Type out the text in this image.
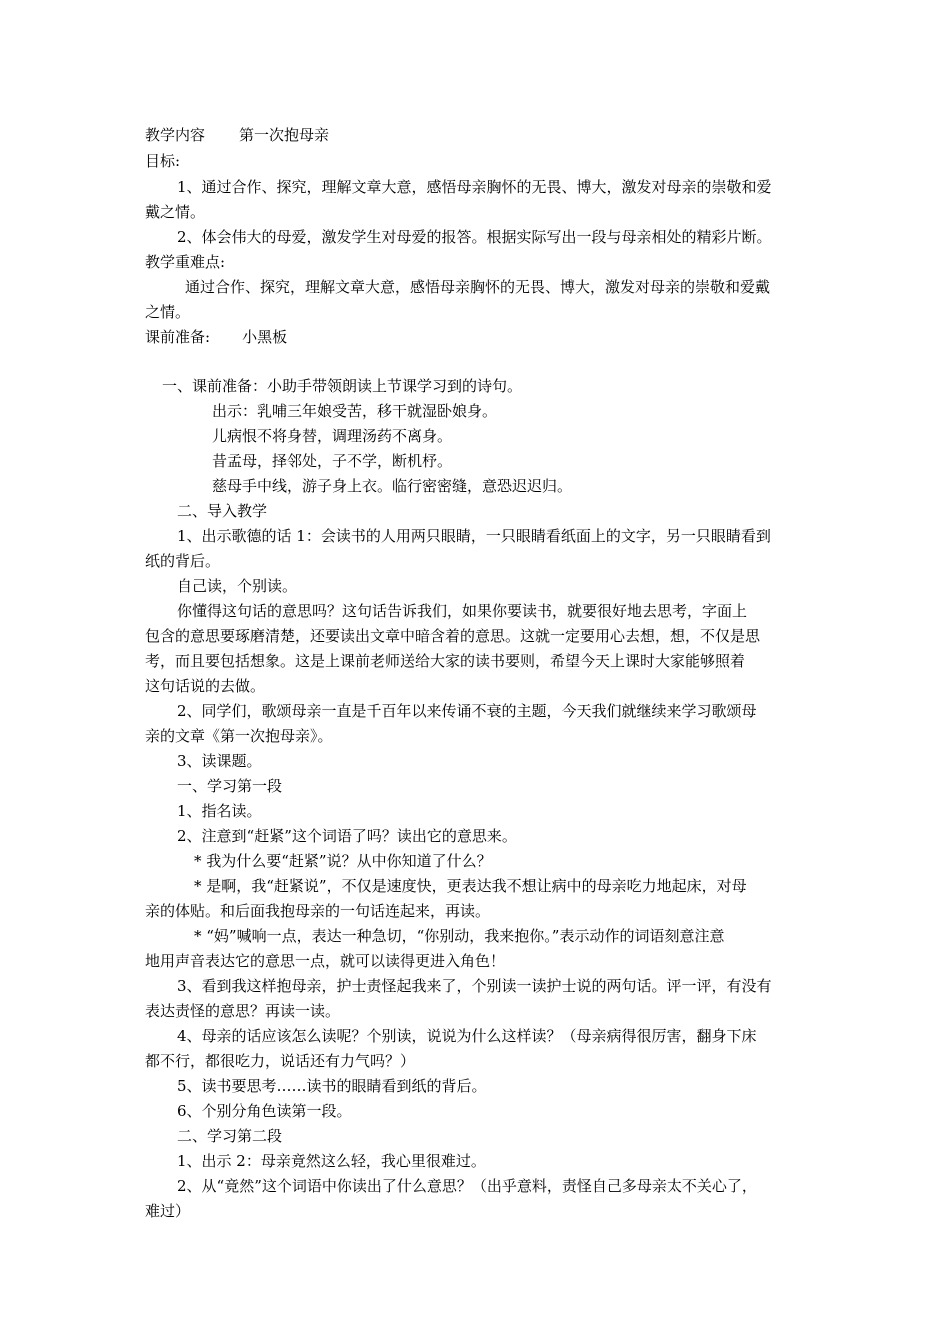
教学内容 第一次抱母亲
目标:
1、通过合作、探究，理解文章大意，感悟母亲胸怀的无畏、博大，激发对母亲的崇敬和爱
戴之情。
2、体会伟大的母爱，激发学生对母爱的报答。根据实际写出一段与母亲相处的精彩片断。
教学重难点:
通过合作、探究，理解文章大意，感悟母亲胸怀的无畏、博大，激发对母亲的崇敬和爱戴
之情。
课前准备: 小黑板
一、课前准备：小助手带领朗读上节课学习到的诗句。
出示：乳哺三年娘受苦，移干就湿卧娘身。
儿病恨不将身替，调理汤药不离身。
昔孟母，择邻处，子不学，断机杼。
慈母手中线，游子身上衣。临行密密缝，意恐迟迟归。
二、导入教学
1、出示歌德的话 1：会读书的人用两只眼睛，一只眼睛看纸面上的文字，另一只眼睛看到
纸的背后。
自己读，个别读。
你懂得这句话的意思吗？这句话告诉我们，如果你要读书，就要很好地去思考，字面上
包含的意思要琢磨清楚，还要读出文章中暗含着的意思。这就一定要用心去想，想，不仅是思
考，而且要包括想象。这是上课前老师送给大家的读书要则，希望今天上课时大家能够照着
这句话说的去做。
2、同学们，歌颂母亲一直是千百年以来传诵不衰的主题，今天我们就继续来学习歌颂母
亲的文章《第一次抱母亲》。
3、读课题。
一、学习第一段
1、指名读。
2、注意到“赶紧”这个词语了吗？读出它的意思来。
* 我为什么要“赶紧”说？从中你知道了什么？
* 是啊，我“赶紧说”，不仅是速度快，更表达我不想让病中的母亲吃力地起床，对母
亲的体贴。和后面我抱母亲的一句话连起来，再读。
* “妈”喊响一点，表达一种急切，“你别动，我来抱你。”表示动作的词语刻意注意
地用声音表达它的意思一点，就可以读得更进入角色！
3、看到我这样抱母亲，护士责怪起我来了，个别读一读护士说的两句话。评一评，有没有
表达责怪的意思？再读一读。
4、母亲的话应该怎么读呢？个别读，说说为什么这样读？（母亲病得很厉害，翻身下床
都不行，都很吃力，说话还有力气吗？）
5、读书要思考……读书的眼睛看到纸的背后。
6、个别分角色读第一段。
二、学习第二段
1、出示 2：母亲竟然这么轻，我心里很难过。
2、从“竟然”这个词语中你读出了什么意思？（出乎意料，责怪自己多母亲太不关心了，
难过）
